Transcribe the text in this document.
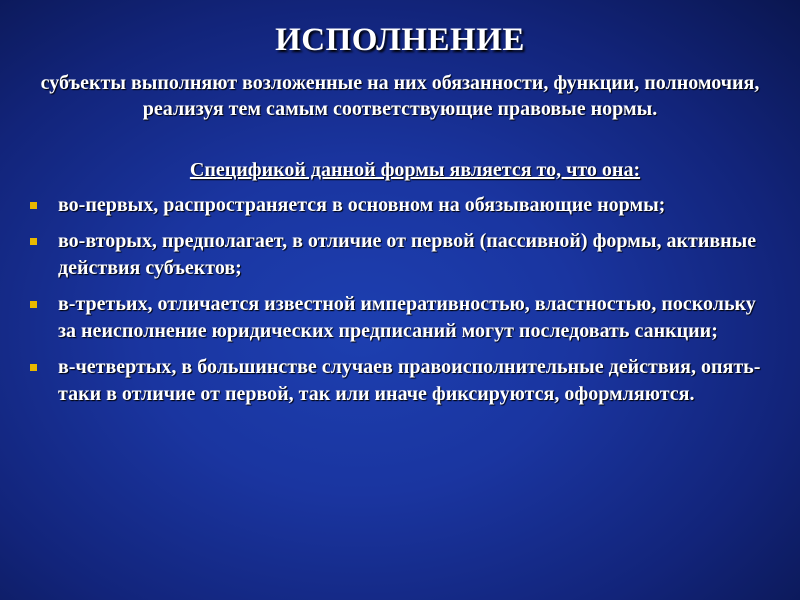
ИСПОЛНЕНИЕ
субъекты выполняют возложенные на них обязанности, функции, полномочия, реализуя тем самым соответствующие правовые нормы.
Спецификой данной формы является то, что она:
во-первых, распространяется в основном на обязывающие нормы;
во-вторых, предполагает, в отличие от первой (пассивной) формы, активные действия субъектов;
в-третьих, отличается известной императивностью, властностью, поскольку за неисполнение юридических предписаний могут последовать санкции;
в-четвертых, в большинстве случаев правоисполнительные действия, опять-таки в отличие от первой, так или иначе фиксируются, оформляются.
